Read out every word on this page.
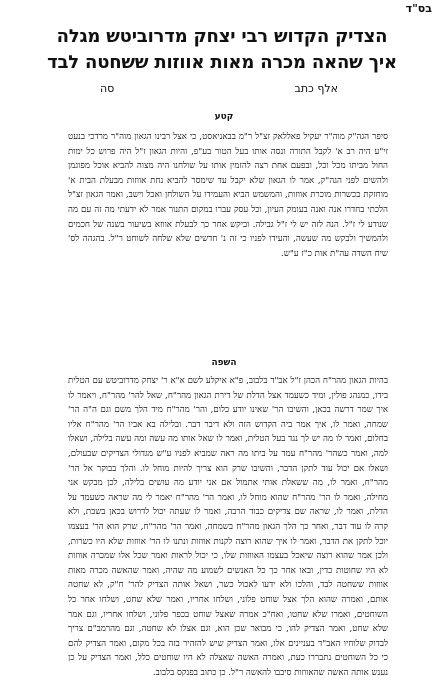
בס"ד
הצדיק הקדוש רבי יצחק מדרוביטש מגלה
איך שהאה מכרה מאות אווזות ששחטה לבד
אלף כתב
סה
קטע

סיפר הגה"ק מוה"ר יעקיל פאללאק זצ"ל ר"מ בבאניאסט, כי אצל רבינו הגאון מוה"ר מרדכי בנעט זי"ע היה רב א' לקבל התורה ונסה אותו בעל הטור בע"פ, והיות הגאון ז"ל היה פרוש כל ימות החול מביתו מכל וכל, ובפעם אחת רצה להזמין אותו על שולחנו היה מצוה להביא אוכל מפוגמן ולהשים לפני הגה"ק, אמר לו הגאון שלא יקבל עד שימסר להביא נחת אווזות מבעלת הבית א' מוחזקת בכשרות מוכרת אווזות, והמשמש הביא והעמידו על השולחן ואכל וישב, ואמר הגאון זצ"ל הלכתי בחדרו אנה ואנה בעומק העיון, וכל עסק עברו במקום התנור אמר לא ידעתי מה זה עם מה שנודע לי ז"ל. הנה לזה יש לי ז"ל גבילה. וביקש אחר כך לבעלת אווזא בשיעור בשנה של חכמים ולהמשיך ולבקש מה שעשה, והעידו לפניו כי זה נ' חדשים שלא שלחה לשוחט ר"ל. בהגהה לס' שיח השדה עה"ת אות כ"ז ע"ש.

השפה

בהיות הגאון מהר"ח הכהן ז"ל אב"ד בלבוב, פ"א איקלע לשם א"א ר' יצחק מדרוביטש עם הטלית בידו, כמנהג פולין, ומיד כשעמד אצל הדלת של דירת הגאון מהר"ח, שאל להר' מהר"ח, ויאמר לו איך שמר דרשה בכאן, והשיבו הר' שאינו יודע כלום, והר' מהר"ח מיד הלך משם וגם ה"ה הר' שמחה, ואמר לו, איך אמר ביה הקדוש הזה ולא דיבר דבר. ובלילה בא אביו הר' מהר"ח אליו בחלום, ואמר לו מה יש לך נגד בעל הטלית, ואמר לו שאל אותו מה עשה ומה עשה בלילה, ושאלו למה, ואמר כשהר' מהר"ח עמד על ביתו מה ראה שמביא לפניו ע"ש מגדולי הצדיקים שבעולם, ושאלו אם יכול עוד לתקן הדבר, והשיבו שרק הוא צריך להיות מוחל לו. והלך בבוקר אל הר' מהר"ח, ואמר לו, מה ששאלת אותי אתמול אם אני יודע מה עושים בלילה, לכן מבקש אני מחילה, ואמר לו הר' מהר"ח שהוא מוחל לו, ואמר הר' מהר"ח יאמר לי מה שראה כשעמד על הדלת, ואמר לו, שראה שם צדיקים כבוד הרבה, ואמר לו שעתה יכול לדרוש בכאן בשבת, ולא קרה לו עוד דבר, ואחר כך הלך הגאון מהר"ח בשמחה, ואמר הר' מהר"ח, שרק הוא הר' בעצמו יוכל לתקן את הדבר, ואמר לו איך שהוא רוצה לקנות אווזות ונתנו לו הר' אווזות שלא היו כשרות, ולכן אמר שהוא רוצה שיאכל בעצמו האווזות שלו, כי יכול לראות ואמר שכל אלו שמכרה אווזות לא היו שחוטות כדין, ובאו אחר כך כל האנשים לשמוע מה שהיה, ואמר שהאשה מכרה מאות אווזות ששחטה לבד, והלכו ולא ידעו לאכול כשר, ושאל אותה הצדיק להר' ח"ק, לא שחטה אותם, ואמרה שהוא הלך אצל שוחט פלוני, ושלחו אחריו, ואמר שלא שחט, ושלחו אחר כל השוחטים, ואמרו שלא שחטו, ואח"כ אמרה שאצל שוחט בכפר פלוני, ושלחו אחריו, וגם אמר שלא שחט, ואמר הצדיק להו, כי מבואר שכן הוא, וגם אצלו לא שחטה, וגם מהרמב"ם צריך לבדוק שלוחיו האב"ד בעניינים אלו, ואמר הצדיק שיש להזהיר בזה בכל מקום, ואמר הצדיק להם כי כל השוחטים נתבררו כעת, ואמרה האשה שאצלה לא היו שוחטים כלל, ואמר הצדיק על כן נענש אותה האשה שהאווזות סיבבו להאשה ר"ל. כן כתוב בפנקס בלבוב.
